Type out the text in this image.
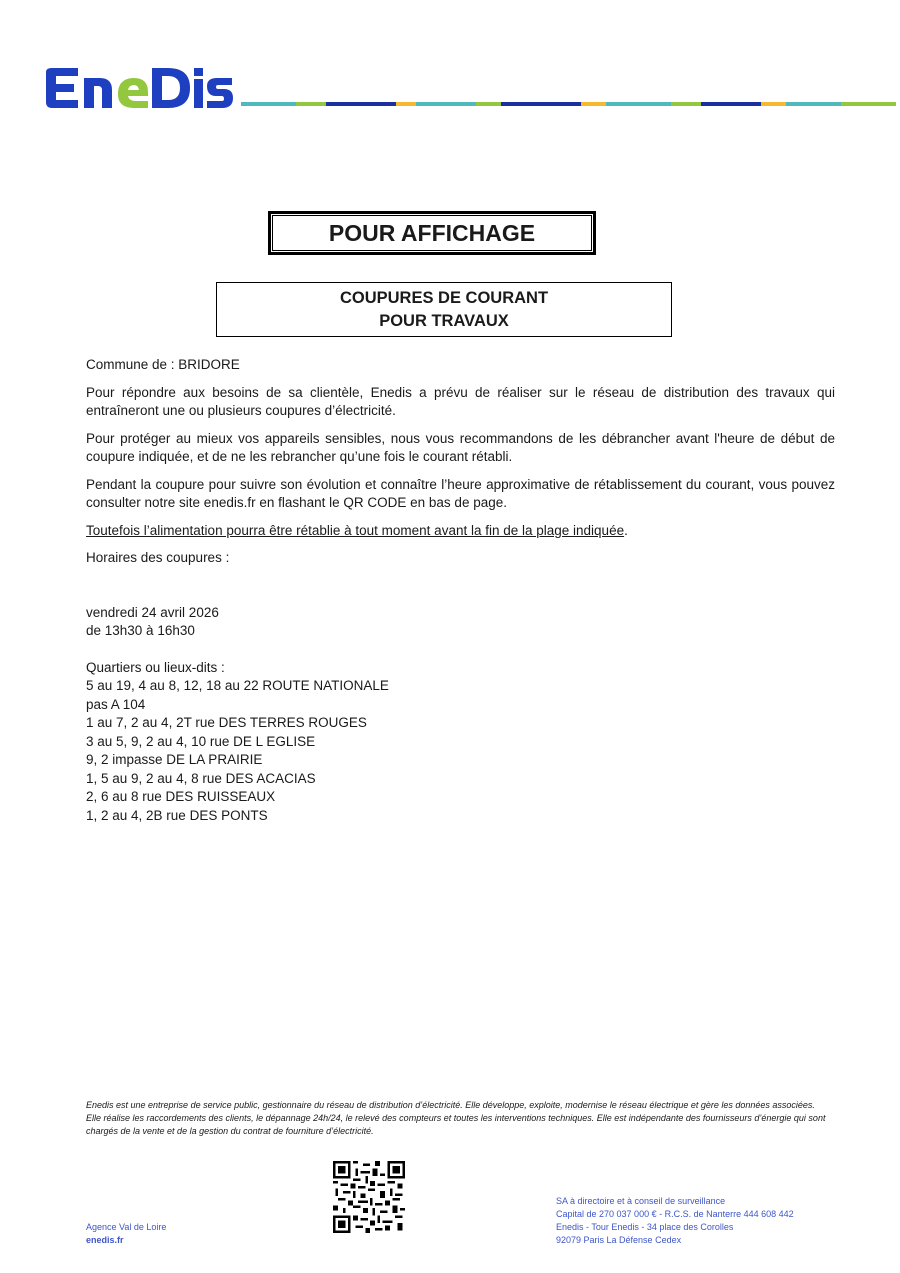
POUR AFFICHAGE
COUPURES DE COURANT
POUR TRAVAUX

Commune de : BRIDORE

Pour répondre aux besoins de sa clientèle, Enedis a prévu de réaliser sur le réseau de distribution des travaux qui entraîneront une ou plusieurs coupures d’électricité.

Pour protéger au mieux vos appareils sensibles, nous vous recommandons de les débrancher avant l'heure de début de coupure indiquée, et de ne les rebrancher qu’une fois le courant rétabli.

Pendant la coupure pour suivre son évolution et connaître l’heure approximative de rétablissement du courant, vous pouvez consulter notre site enedis.fr en flashant le QR CODE en bas de page.

Toutefois l’alimentation pourra être rétablie à tout moment avant la fin de la plage indiquée.

Horaires des coupures :

vendredi 24 avril 2026
de 13h30 à 16h30
Quartiers ou lieux-dits :
5 au 19, 4 au 8, 12, 18 au 22 ROUTE NATIONALE
pas A 104
1 au 7, 2 au 4, 2T rue DES TERRES ROUGES
3 au 5, 9, 2 au 4, 10 rue DE L EGLISE
9, 2 impasse DE LA PRAIRIE
1, 5 au 9, 2 au 4, 8 rue DES ACACIAS
2, 6 au 8 rue DES RUISSEAUX
1, 2 au 4, 2B rue DES PONTS
Enedis est une entreprise de service public, gestionnaire du réseau de distribution d’électricité. Elle développe, exploite, modernise le réseau électrique et gère les données associées. Elle réalise les raccordements des clients, le dépannage 24h/24, le relevé des compteurs et toutes les interventions techniques. Elle est indépendante des fournisseurs d’énergie qui sont chargés de la vente et de la gestion du contrat de fourniture d’électricité.
Agence Val de Loire
enedis.fr
SA à directoire et à conseil de surveillance
Capital de 270 037 000 € - R.C.S. de Nanterre 444 608 442
Enedis - Tour Enedis - 34 place des Corolles
92079 Paris La Défense Cedex
